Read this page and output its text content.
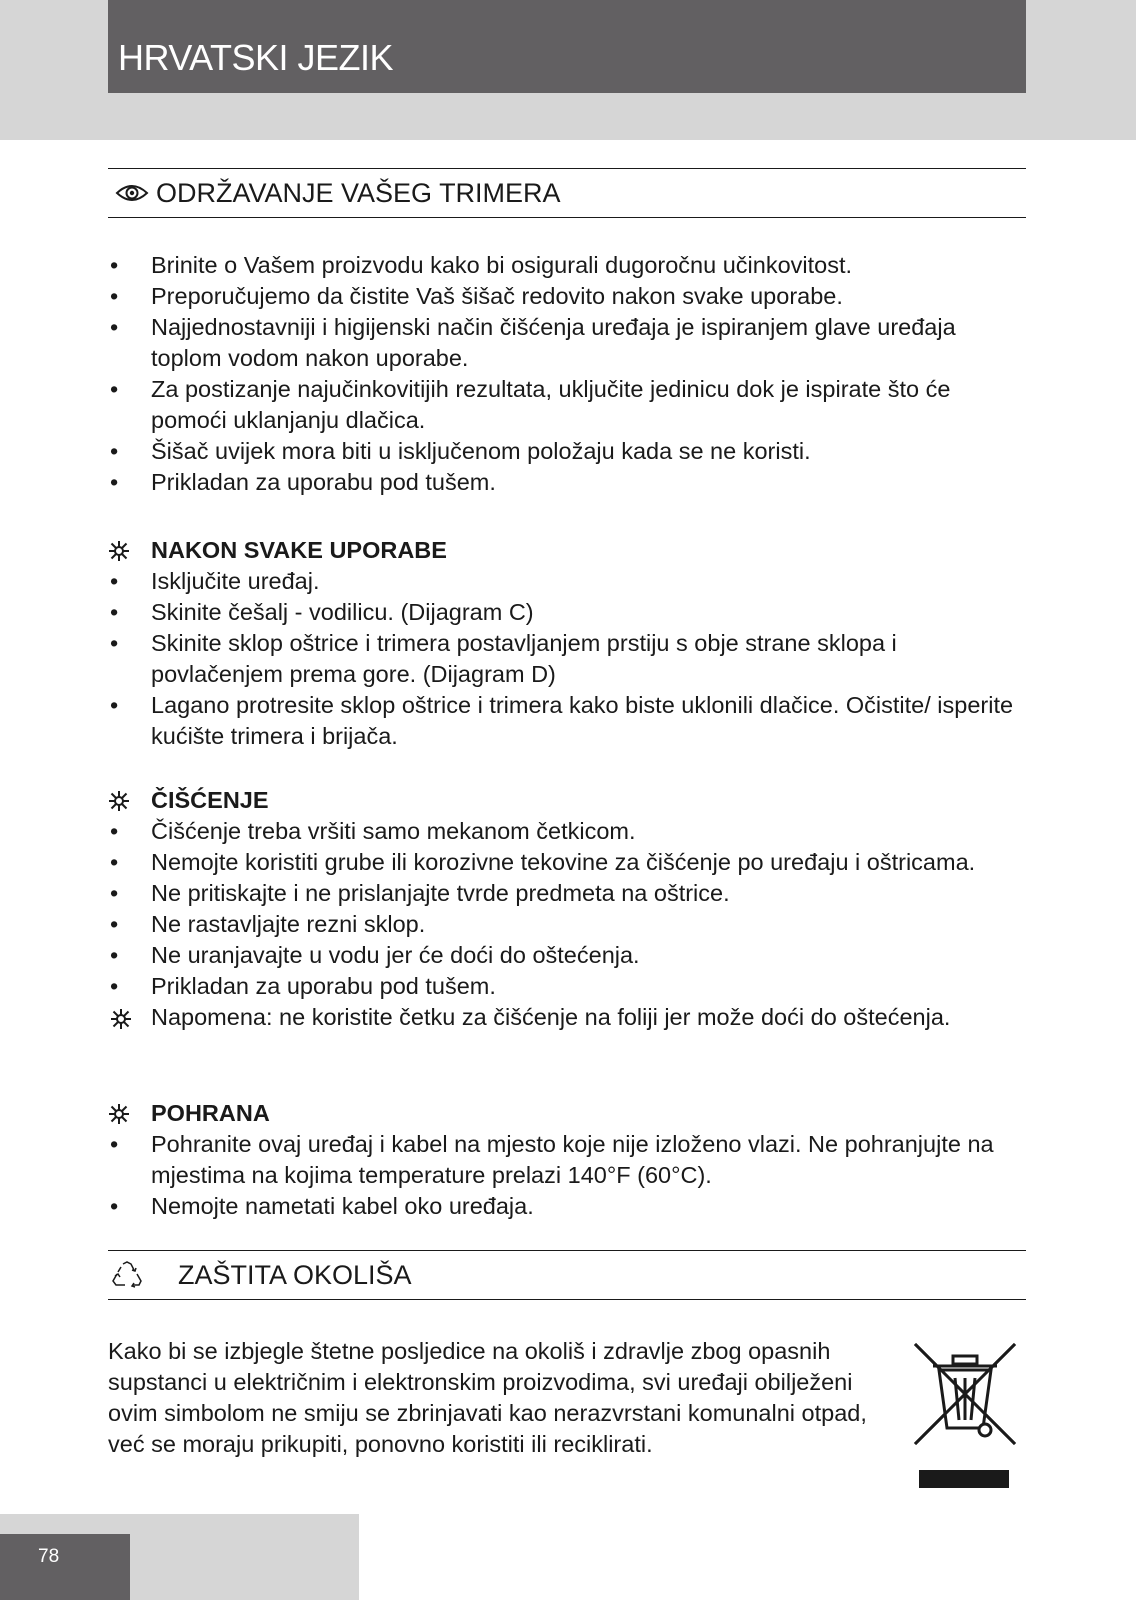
HRVATSKI JEZIK
ODRŽAVANJE VAŠEG TRIMERA
•	Brinite o Vašem proizvodu kako bi osigurali dugoročnu učinkovitost.
•	Preporučujemo da čistite Vaš šišač redovito nakon svake uporabe.
•	Najjednostavniji i higijenski način čišćenja uređaja je ispiranjem glave uređaja toplom vodom nakon uporabe.
•	Za postizanje najučinkovitijih rezultata, uključite jedinicu dok je ispirate što će pomoći uklanjanju dlačica.
•	Šišač uvijek mora biti u isključenom položaju kada se ne koristi.
•	Prikladan za uporabu pod tušem.
NAKON SVAKE UPORABE
•	Isključite uređaj.
•	Skinite češalj - vodilicu. (Dijagram C)
•	Skinite sklop oštrice i trimera postavljanjem prstiju s obje strane sklopa i povlačenjem prema gore. (Dijagram D)
•	Lagano protresite sklop oštrice i trimera kako biste uklonili dlačice. Očistite/ isperite kućište trimera i brijača.
ČIŠĆENJE
•	Čišćenje treba vršiti samo mekanom četkicom.
•	Nemojte koristiti grube ili korozivne tekovine za čišćenje po uređaju i oštricama.
•	Ne pritiskajte i ne prislanjajte tvrde predmeta na oštrice.
•	Ne rastavljajte rezni sklop.
•	Ne uranjavajte u vodu jer će doći do oštećenja.
•	Prikladan za uporabu pod tušem.
Napomena: ne koristite četku za čišćenje na foliji jer može doći do oštećenja.
POHRANA
•	Pohranite ovaj uređaj i kabel na mjesto koje nije izloženo vlazi. Ne pohranjujte na mjestima na kojima temperature prelazi 140°F (60°C).
•	Nemojte nametati kabel oko uređaja.
ZAŠTITA OKOLIŠA

Kako bi se izbjegle štetne posljedice na okoliš i zdravlje zbog opasnih supstanci u električnim i elektronskim proizvodima, svi uređaji obilježeni ovim simbolom ne smiju se zbrinjavati kao nerazvrstani komunalni otpad, već se moraju prikupiti, ponovno koristiti ili reciklirati.

78
